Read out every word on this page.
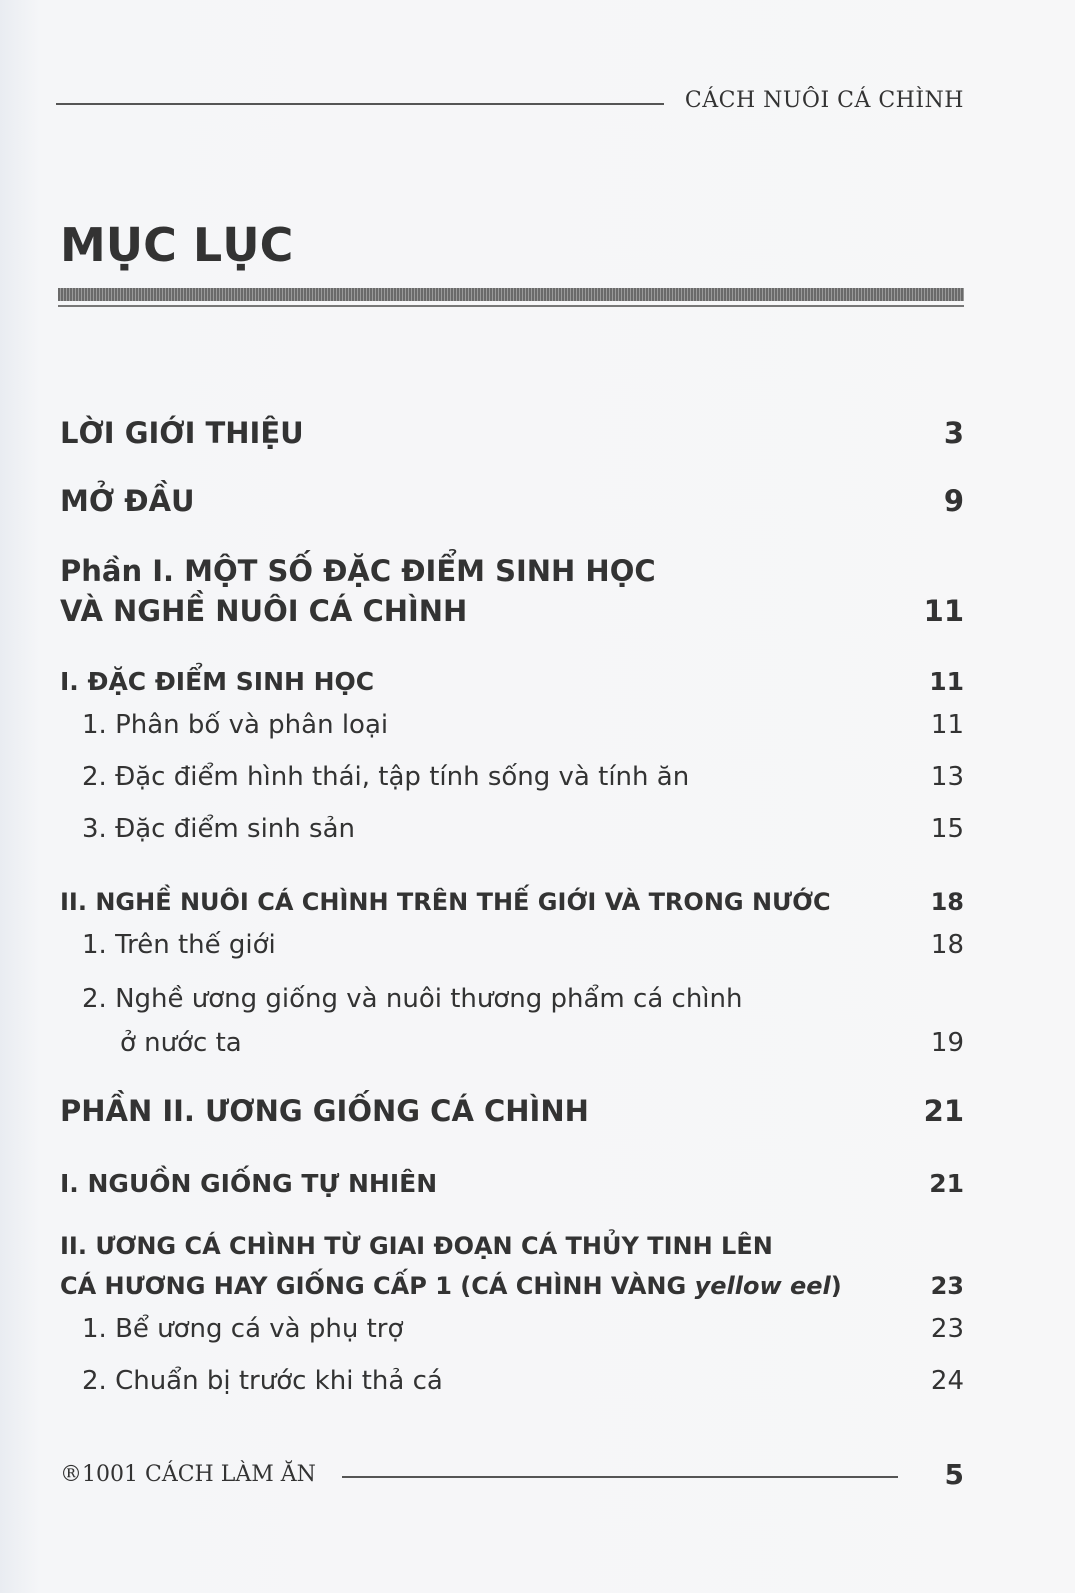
CÁCH NUÔI CÁ CHÌNH
MỤC LỤC
LỜI GIỚI THIỆU	3
MỞ ĐẦU	9
Phần I. MỘT SỐ ĐẶC ĐIỂM SINH HỌC
VÀ NGHỀ NUÔI CÁ CHÌNH	11
I. ĐẶC ĐIỂM SINH HỌC	11
1. Phân bố và phân loại	11
2. Đặc điểm hình thái, tập tính sống và tính ăn	13
3. Đặc điểm sinh sản	15
II. NGHỀ NUÔI CÁ CHÌNH TRÊN THẾ GIỚI VÀ TRONG NƯỚC	18
1. Trên thế giới	18
2. Nghề ương giống và nuôi thương phẩm cá chình
ở nước ta	19
PHẦN II. ƯƠNG GIỐNG CÁ CHÌNH	21
I. NGUỒN GIỐNG TỰ NHIÊN	21
II. ƯƠNG CÁ CHÌNH TỪ GIAI ĐOẠN CÁ THỦY TINH LÊN
CÁ HƯƠNG HAY GIỐNG CẤP 1 (CÁ CHÌNH VÀNG yellow eel)	23
1. Bể ương cá và phụ trợ	23
2. Chuẩn bị trước khi thả cá	24
®1001 CÁCH LÀM ĂN	5
